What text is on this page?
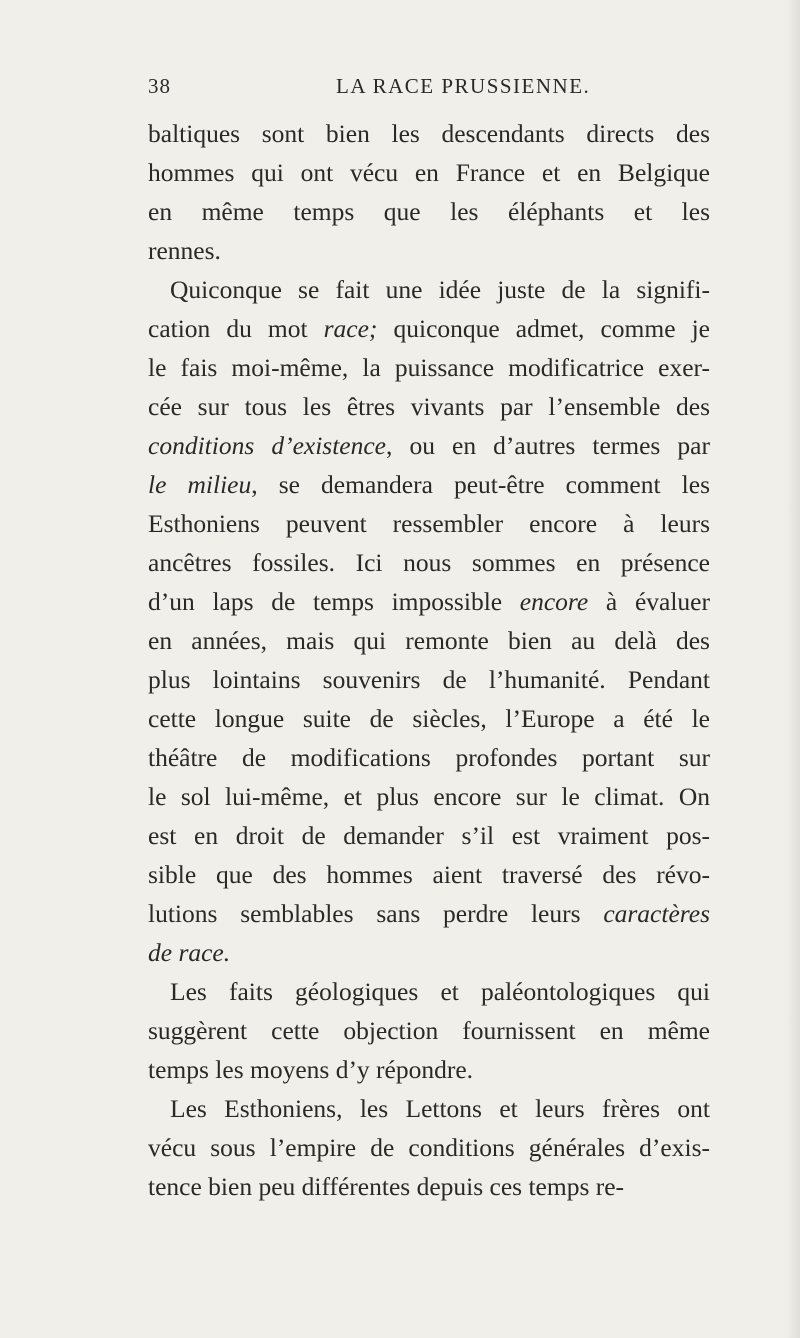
38	LA RACE PRUSSIENNE.
baltiques sont bien les descendants directs des
hommes qui ont vécu en France et en Belgique
en même temps que les éléphants et les
rennes.
Quiconque se fait une idée juste de la signifi-
cation du mot race; quiconque admet, comme je
le fais moi-même, la puissance modificatrice exer-
cée sur tous les êtres vivants par l’ensemble des
conditions d’existence, ou en d’autres termes par
le milieu, se demandera peut-être comment les
Esthoniens peuvent ressembler encore à leurs
ancêtres fossiles. Ici nous sommes en présence
d’un laps de temps impossible encore à évaluer
en années, mais qui remonte bien au delà des
plus lointains souvenirs de l’humanité. Pendant
cette longue suite de siècles, l’Europe a été le
théâtre de modifications profondes portant sur
le sol lui-même, et plus encore sur le climat. On
est en droit de demander s’il est vraiment pos-
sible que des hommes aient traversé des révo-
lutions semblables sans perdre leurs caractères
de race.
Les faits géologiques et paléontologiques qui
suggèrent cette objection fournissent en même
temps les moyens d’y répondre.
Les Esthoniens, les Lettons et leurs frères ont
vécu sous l’empire de conditions générales d’exis-
tence bien peu différentes depuis ces temps re-
